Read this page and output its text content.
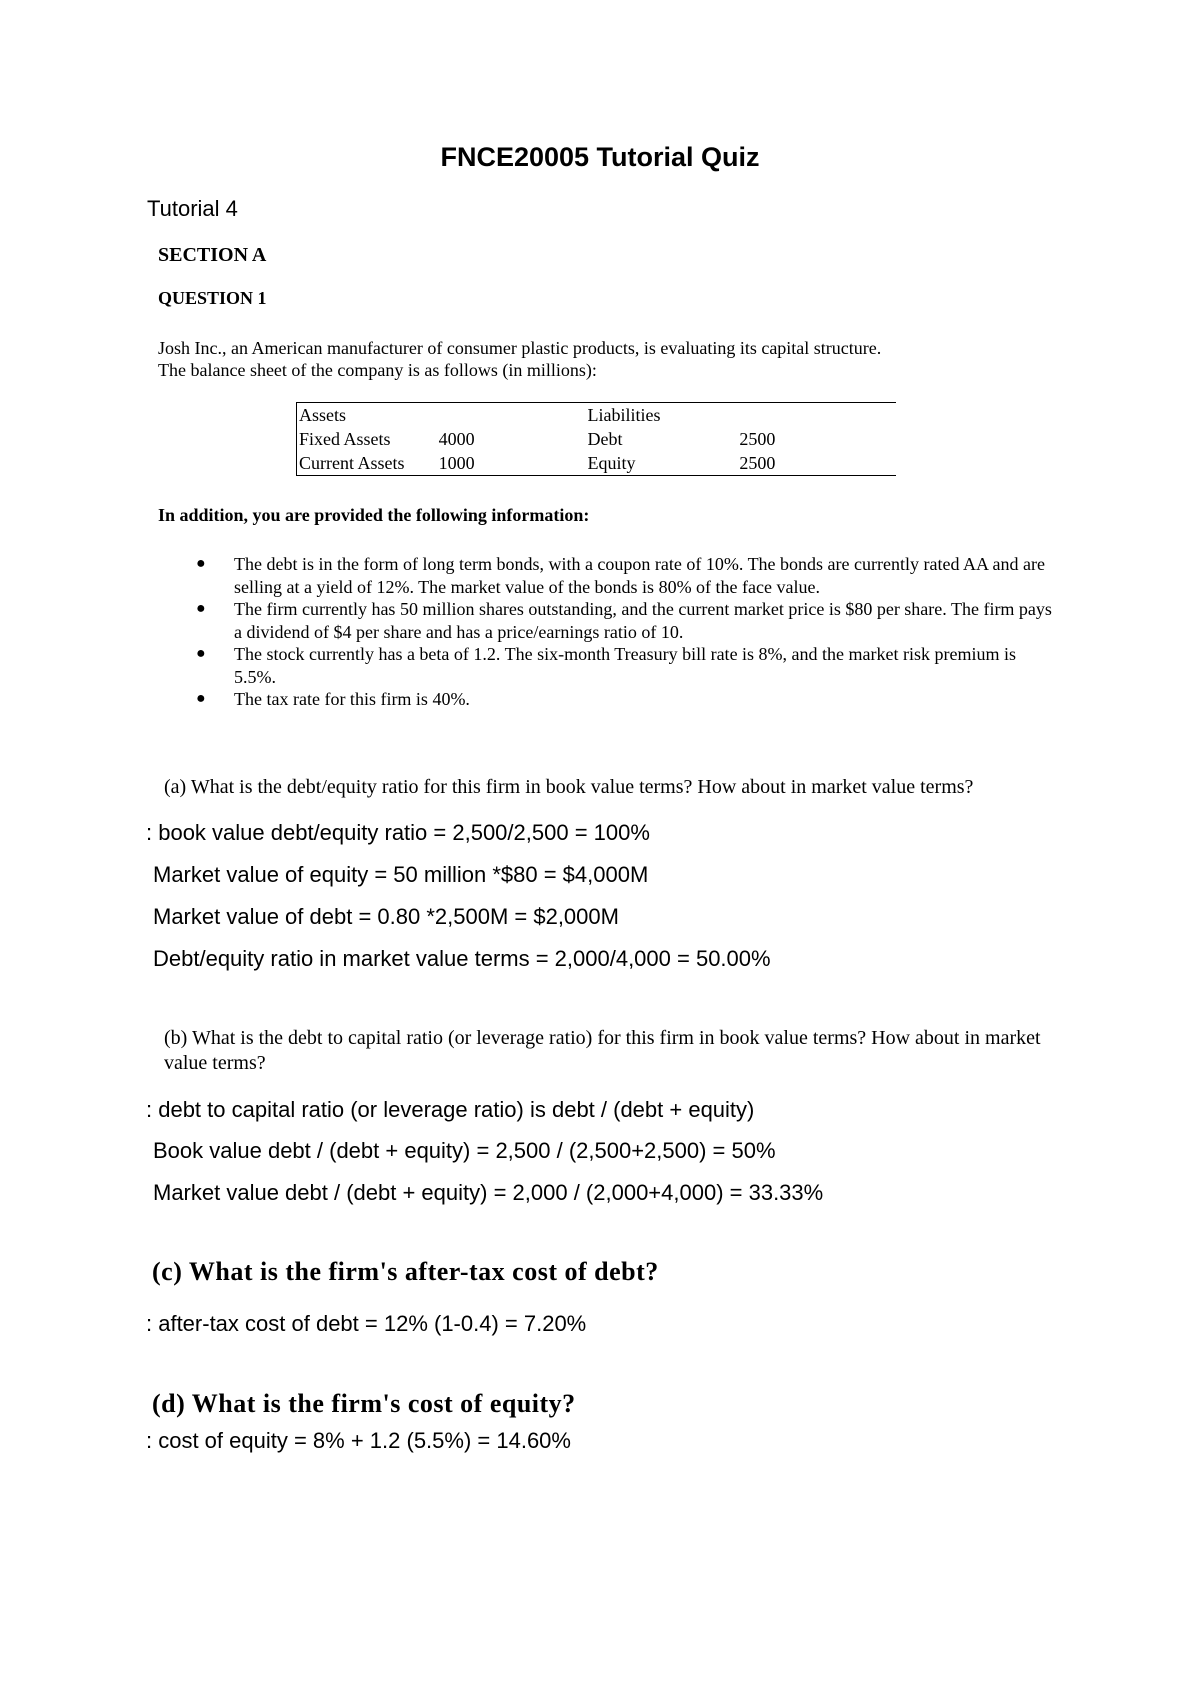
FNCE20005 Tutorial Quiz
Tutorial 4
SECTION A
QUESTION 1

Josh Inc., an American manufacturer of consumer plastic products, is evaluating its capital structure.

The balance sheet of the company is as follows (in millions):

Assets		Liabilities	
Fixed Assets	4000	Debt	2500
Current Assets	1000	Equity	2500
In addition, you are provided the following information:
● The debt is in the form of long term bonds, with a coupon rate of 10%. The bonds are currently rated AA and are selling at a yield of 12%. The market value of the bonds is 80% of the face value.
● The firm currently has 50 million shares outstanding, and the current market price is $80 per share. The firm pays a dividend of $4 per share and has a price/earnings ratio of 10.
● The stock currently has a beta of 1.2. The six-month Treasury bill rate is 8%, and the market risk premium is 5.5%.
● The tax rate for this firm is 40%.
(a) What is the debt/equity ratio for this firm in book value terms? How about in market value terms?
: book value debt/equity ratio = 2,500/2,500 = 100%
Market value of equity = 50 million *$80 = $4,000M
Market value of debt = 0.80 *2,500M = $2,000M
Debt/equity ratio in market value terms = 2,000/4,000 = 50.00%
(b) What is the debt to capital ratio (or leverage ratio) for this firm in book value terms? How about in market value terms?
: debt to capital ratio (or leverage ratio) is debt / (debt + equity)
Book value debt / (debt + equity) = 2,500 / (2,500+2,500) = 50%
Market value debt / (debt + equity) = 2,000 / (2,000+4,000) = 33.33%
(c) What is the firm's after-tax cost of debt?
: after-tax cost of debt = 12% (1-0.4) = 7.20%
(d) What is the firm's cost of equity?
: cost of equity = 8% + 1.2 (5.5%) = 14.60%
